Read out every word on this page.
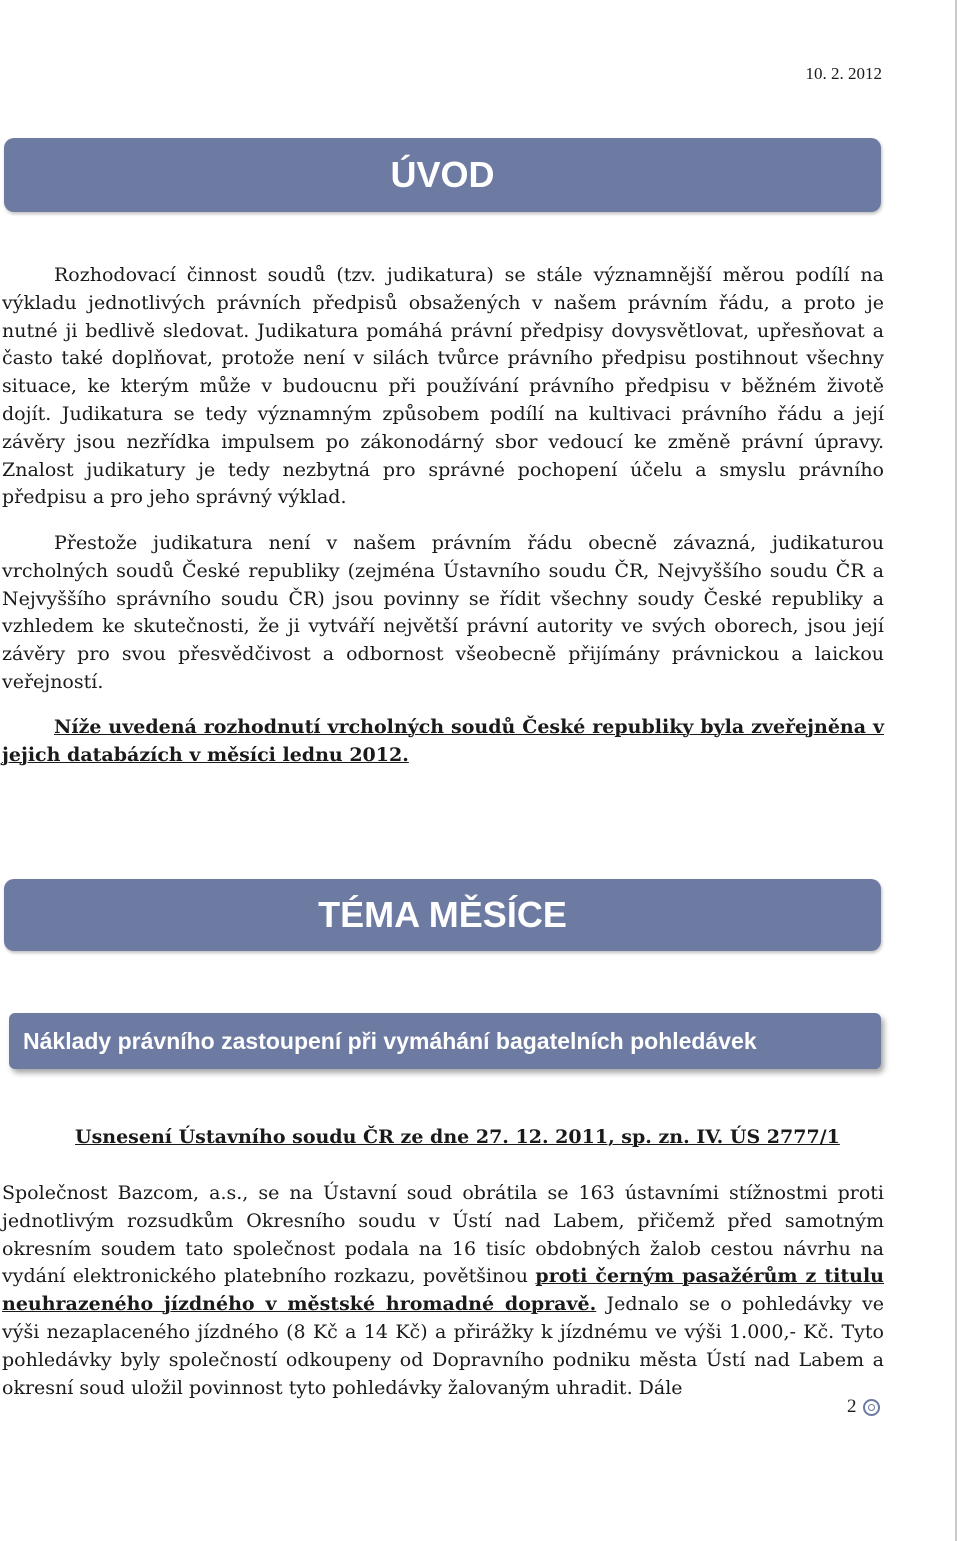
10. 2. 2012
ÚVOD

Rozhodovací činnost soudů (tzv. judikatura) se stále významnější měrou podílí na výkladu jednotlivých právních předpisů obsažených v našem právním řádu, a proto je nutné ji bedlivě sledovat. Judikatura pomáhá právní předpisy dovysvětlovat, upřesňovat a často také doplňovat, protože není v silách tvůrce právního předpisu postihnout všechny situace, ke kterým může v budoucnu při používání právního předpisu v běžném životě dojít. Judikatura se tedy významným způsobem podílí na kultivaci právního řádu a její závěry jsou nezřídka impulsem po zákonodárný sbor vedoucí ke změně právní úpravy. Znalost judikatury je tedy nezbytná pro správné pochopení účelu a smyslu právního předpisu a pro jeho správný výklad.

Přestože judikatura není v našem právním řádu obecně závazná, judikaturou vrcholných soudů České republiky (zejména Ústavního soudu ČR, Nejvyššího soudu ČR a Nejvyššího správního soudu ČR) jsou povinny se řídit všechny soudy České republiky a vzhledem ke skutečnosti, že ji vytváří největší právní autority ve svých oborech, jsou její závěry pro svou přesvědčivost a odbornost všeobecně přijímány právnickou a laickou veřejností.

Níže uvedená rozhodnutí vrcholných soudů České republiky byla zveřejněna v jejich databázích v měsíci lednu 2012.

TÉMA MĚSÍCE
Náklady právního zastoupení při vymáhání bagatelních pohledávek
Usnesení Ústavního soudu ČR ze dne 27. 12. 2011, sp. zn. IV. ÚS 2777/1

Společnost Bazcom, a.s., se na Ústavní soud obrátila se 163 ústavními stížnostmi proti jednotlivým rozsudkům Okresního soudu v Ústí nad Labem, přičemž před samotným okresním soudem tato společnost podala na 16 tisíc obdobných žalob cestou návrhu na vydání elektronického platebního rozkazu, povětšinou proti černým pasažérům z titulu neuhrazeného jízdného v městské hromadné dopravě. Jednalo se o pohledávky ve výši nezaplaceného jízdného (8 Kč a 14 Kč) a přirážky k jízdnému ve výši 1.000,- Kč. Tyto pohledávky byly společností odkoupeny od Dopravního podniku města Ústí nad Labem a okresní soud uložil povinnost tyto pohledávky žalovaným uhradit. Dále

2
